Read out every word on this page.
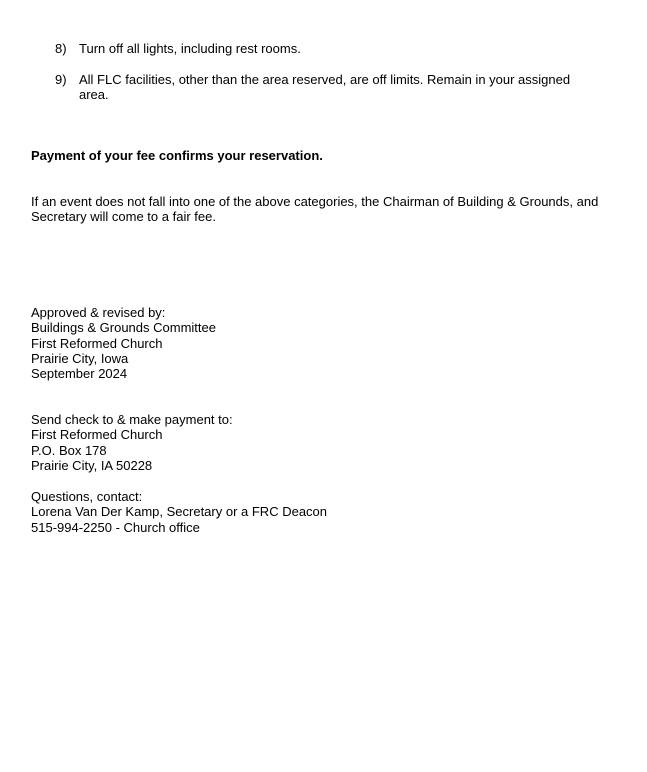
8) Turn off all lights, including rest rooms.
9) All FLC facilities, other than the area reserved, are off limits. Remain in your assigned area.
Payment of your fee confirms your reservation.
If an event does not fall into one of the above categories, the Chairman of Building & Grounds, and Secretary will come to a fair fee.
Approved & revised by:
Buildings & Grounds Committee
First Reformed Church
Prairie City, Iowa
September 2024
Send check to & make payment to:
First Reformed Church
P.O. Box 178
Prairie City, IA 50228
Questions, contact:
Lorena Van Der Kamp, Secretary or a FRC Deacon
515-994-2250 - Church office
